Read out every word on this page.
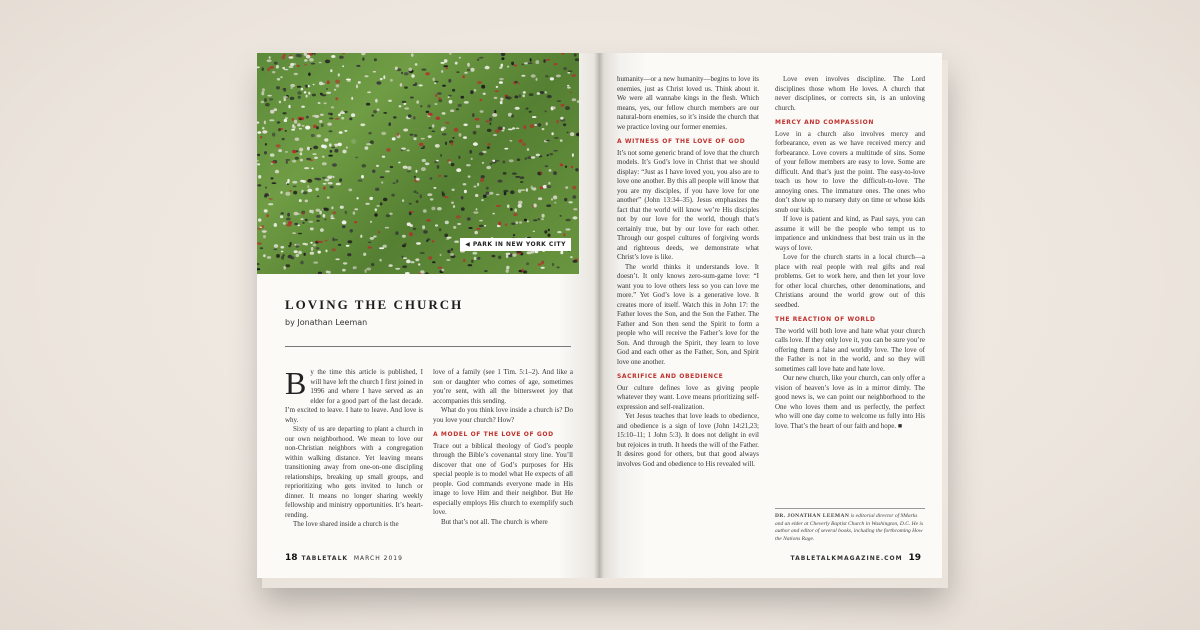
◀ PARK IN NEW YORK CITY
LOVING THE CHURCH
by Jonathan Leeman

By the time this article is published, I will have left the church I first joined in 1996 and where I have served as an elder for a good part of the last decade. I’m excited to leave. I hate to leave. And love is why.

Sixty of us are departing to plant a church in our own neighborhood. We mean to love our non-Christian neighbors with a congregation within walking distance. Yet leaving means transitioning away from one-on-one discipling relationships, breaking up small groups, and reprioritizing who gets invited to lunch or dinner. It means no longer sharing weekly fellowship and ministry opportunities. It’s heart-rending.

The love shared inside a church is the

love of a family (see 1 Tim. 5:1–2). And like a son or daughter who comes of age, sometimes you’re sent, with all the bittersweet joy that accompanies this sending.

What do you think love inside a church is? Do you love your church? How?

A MODEL OF THE LOVE OF GOD

Trace out a biblical theology of God’s people through the Bible’s covenantal story line. You’ll discover that one of God’s purposes for His special people is to model what He expects of all people. God commands everyone made in His image to love Him and their neighbor. But He especially employs His church to exemplify such love.

But that’s not all. The church is where

18 TABLETALK MARCH 2019

humanity—or a new humanity—begins to love its enemies, just as Christ loved us. Think about it. We were all wannabe kings in the flesh. Which means, yes, our fellow church members are our natural-born enemies, so it’s inside the church that we practice loving our former enemies.

A WITNESS OF THE LOVE OF GOD

It’s not some generic brand of love that the church models. It’s God’s love in Christ that we should display: “Just as I have loved you, you also are to love one another. By this all people will know that you are my disciples, if you have love for one another” (John 13:34–35). Jesus emphasizes the fact that the world will know we’re His disciples not by our love for the world, though that’s certainly true, but by our love for each other. Through our gospel cultures of forgiving words and righteous deeds, we demonstrate what Christ’s love is like.

The world thinks it understands love. It doesn’t. It only knows zero-sum-game love: “I want you to love others less so you can love me more.” Yet God’s love is a generative love. It creates more of itself. Watch this in John 17: the Father loves the Son, and the Son the Father. The Father and Son then send the Spirit to form a people who will receive the Father’s love for the Son. And through the Spirit, they learn to love God and each other as the Father, Son, and Spirit love one another.

SACRIFICE AND OBEDIENCE

Our culture defines love as giving people whatever they want. Love means prioritizing self-expression and self-realization.

Yet Jesus teaches that love leads to obedience, and obedience is a sign of love (John 14:21,23; 15:10–11; 1 John 5:3). It does not delight in evil but rejoices in truth. It heeds the will of the Father. It desires good for others, but that good always involves God and obedience to His revealed will.

Love even involves discipline. The Lord disciplines those whom He loves. A church that never disciplines, or corrects sin, is an unloving church.

MERCY AND COMPASSION

Love in a church also involves mercy and forbearance, even as we have received mercy and forbearance. Love covers a multitude of sins. Some of your fellow members are easy to love. Some are difficult. And that’s just the point. The easy-to-love teach us how to love the difficult-to-love. The annoying ones. The immature ones. The ones who don’t show up to nursery duty on time or whose kids snub our kids.

If love is patient and kind, as Paul says, you can assume it will be the people who tempt us to impatience and unkindness that best train us in the ways of love.

Love for the church starts in a local church—a place with real people with real gifts and real problems. Get to work here, and then let your love for other local churches, other denominations, and Christians around the world grow out of this seedbed.

THE REACTION OF WORLD

The world will both love and hate what your church calls love. If they only love it, you can be sure you’re offering them a false and worldly love. The love of the Father is not in the world, and so they will sometimes call love hate and hate love.

Our new church, like your church, can only offer a vision of heaven’s love as in a mirror dimly. The good news is, we can point our neighborhood to the One who loves them and us perfectly, the perfect who will one day come to welcome us fully into His love. That’s the heart of our faith and hope. ■

DR. JONATHAN LEEMAN is editorial director of 9Marks and an elder at Cheverly Baptist Church in Washington, D.C. He is author and editor of several books, including the forthcoming How the Nations Rage.
TABLETALKMAGAZINE.COM 19
